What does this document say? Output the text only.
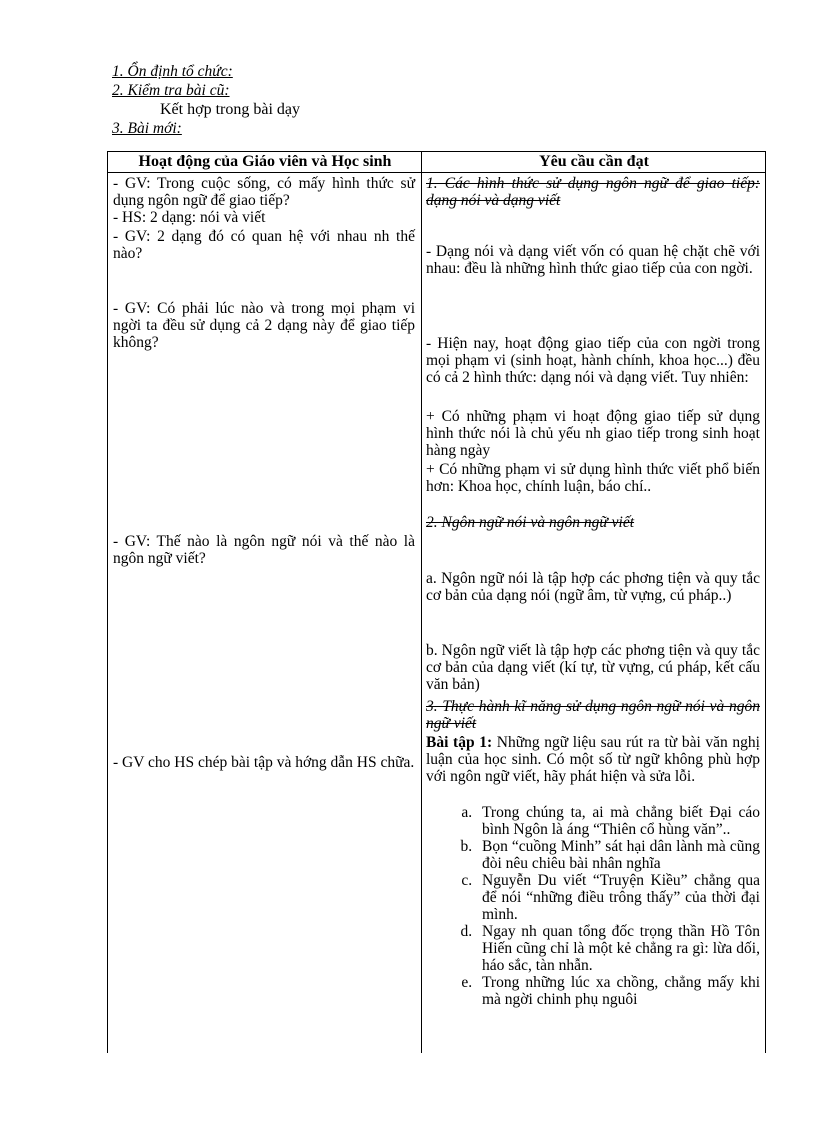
1. Ổn định tổ chức:
2. Kiểm tra bài cũ:
Kết hợp trong bài dạy
3. Bài mới:
Hoạt động của Giáo viên và Học sinh	Yêu cầu cần đạt
- GV: Trong cuộc sống, có mấy hình thức sử dụng ngôn ngữ để giao tiếp?
- HS: 2 dạng: nói và viết
- GV: 2 dạng đó có quan hệ với nhau nh thế nào?
- GV: Có phải lúc nào và trong mọi phạm vi ngời ta đều sử dụng cả 2 dạng này để giao tiếp không?
- GV: Thế nào là ngôn ngữ nói và thế nào là ngôn ngữ viết?
- GV cho HS chép bài tập và hớng dẫn HS chữa.
1. Các hình thức sử dụng ngôn ngữ để giao tiếp: dạng nói và dạng viết
- Dạng nói và dạng viết vốn có quan hệ chặt chẽ với nhau: đều là những hình thức giao tiếp của con ngời.
- Hiện nay, hoạt động giao tiếp của con ngời trong mọi phạm vi (sinh hoạt, hành chính, khoa học...) đều có cả 2 hình thức: dạng nói và dạng viết. Tuy nhiên:
+ Có những phạm vi hoạt động giao tiếp sử dụng hình thức nói là chủ yếu nh giao tiếp trong sinh hoạt hàng ngày
+ Có những phạm vi sử dụng hình thức viết phổ biến hơn: Khoa học, chính luận, báo chí..
2. Ngôn ngữ nói và ngôn ngữ viết
a. Ngôn ngữ nói là tập hợp các phơng tiện và quy tắc cơ bản của dạng nói (ngữ âm, từ vựng, cú pháp..)
b. Ngôn ngữ viết là tập hợp các phơng tiện và quy tắc cơ bản của dạng viết (kí tự, từ vựng, cú pháp, kết cấu văn bản)
3. Thực hành kĩ năng sử dụng ngôn ngữ nói và ngôn ngữ viết
Bài tập 1: Những ngữ liệu sau rút ra từ bài văn nghị luận của học sinh. Có một số từ ngữ không phù hợp với ngôn ngữ viết, hãy phát hiện và sửa lỗi.
a. Trong chúng ta, ai mà chẳng biết Đại cáo bình Ngôn là áng “Thiên cổ hùng văn”..
b. Bọn “cuồng Minh” sát hại dân lành mà cũng đòi nêu chiêu bài nhân nghĩa
c. Nguyễn Du viết “Truyện Kiều” chẳng qua để nói “những điều trông thấy” của thời đại mình.
d. Ngay nh quan tổng đốc trọng thần Hồ Tôn Hiến cũng chỉ là một kẻ chẳng ra gì: lừa dối, háo sắc, tàn nhẫn.
e. Trong những lúc xa chồng, chẳng mấy khi mà ngời chinh phụ nguôi
